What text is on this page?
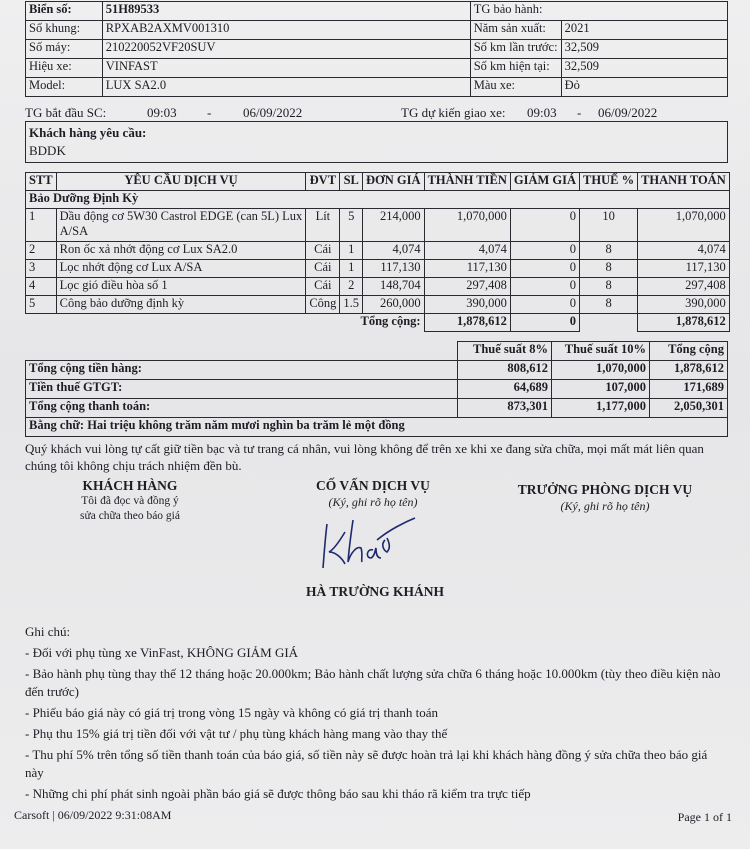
Biển số:	51H89533	TG bảo hành:	
Số khung:	RPXAB2AXMV001310	Năm sản xuất:	2021
Số máy:	210220052VF20SUV	Số km lần trước:	32,509
Hiệu xe:	VINFAST	Số km hiện tại:	32,509
Model:	LUX SA2.0	Màu xe:	Đỏ
TG bắt đầu SC:	09:03 - 06/09/2022	TG dự kiến giao xe: 09:03 - 06/09/2022
Khách hàng yêu cầu:
BDDK
STT	YÊU CẦU DỊCH VỤ	ĐVT	SL	ĐƠN GIÁ	THÀNH TIỀN	GIẢM GIÁ	THUẾ %	THANH TOÁN
Bảo Dưỡng Định Kỳ								
1	Dầu động cơ 5W30 Castrol EDGE (can 5L) Lux
A/SA	Lít	5	214,000	1,070,000	0	10	1,070,000
2	Ron ốc xả nhớt động cơ Lux SA2.0	Cái	1	4,074	4,074	0	8	4,074
3	Lọc nhớt động cơ Lux A/SA	Cái	1	117,130	117,130	0	8	117,130
4	Lọc gió điều hòa số 1	Cái	2	148,704	297,408	0	8	297,408
5	Công bảo dưỡng định kỳ	Công	1.5	260,000	390,000	0	8	390,000
Tổng cộng:					1,878,612	0		1,878,612
	Thuế suất 8%	Thuế suất 10%	Tổng cộng
Tổng cộng tiền hàng:	808,612	1,070,000	1,878,612
Tiền thuế GTGT:	64,689	107,000	171,689
Tổng cộng thanh toán:	873,301	1,177,000	2,050,301
Bằng chữ: Hai triệu không trăm năm mươi nghìn ba trăm lẻ một đồng			
Quý khách vui lòng tự cất giữ tiền bạc và tư trang cá nhân, vui lòng không để trên xe khi xe đang sửa chữa, mọi mất mát liên quan chúng tôi không chịu trách nhiệm đền bù.
KHÁCH HÀNG
Tôi đã đọc và đồng ý
sửa chữa theo báo giá
CỐ VẤN DỊCH VỤ
(Ký, ghi rõ họ tên)
HÀ TRƯỜNG KHÁNH
TRƯỞNG PHÒNG DỊCH VỤ
(Ký, ghi rõ họ tên)
Ghi chú:
- Đối với phụ tùng xe VinFast, KHÔNG GIẢM GIÁ
- Bảo hành phụ tùng thay thế 12 tháng hoặc 20.000km; Bảo hành chất lượng sửa chữa 6 tháng hoặc 10.000km (tùy theo điều kiện nào đến trước)
- Phiếu báo giá này có giá trị trong vòng 15 ngày và không có giá trị thanh toán
- Phụ thu 15% giá trị tiền đối với vật tư / phụ tùng khách hàng mang vào thay thế
- Thu phí 5% trên tổng số tiền thanh toán của báo giá, số tiền này sẽ được hoàn trả lại khi khách hàng đồng ý sửa chữa theo báo giá này
- Những chi phí phát sinh ngoài phần báo giá sẽ được thông báo sau khi tháo rã kiểm tra trực tiếp
Carsoft | 06/09/2022 9:31:08AM	Page 1 of 1
